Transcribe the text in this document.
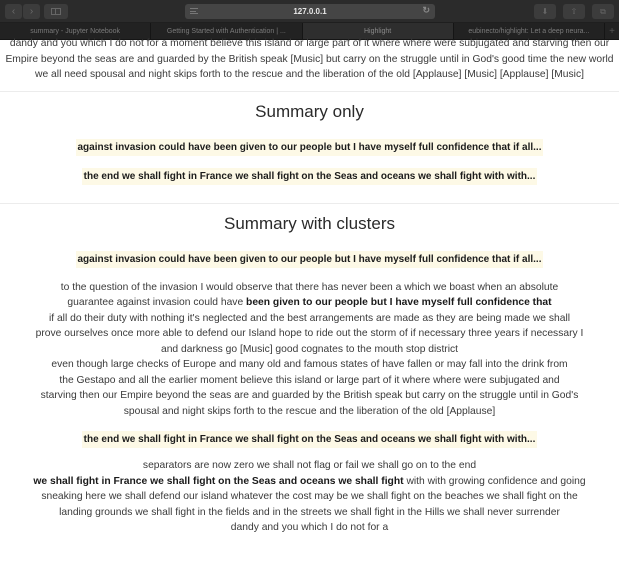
‹ ›	127.0.0.1	↻	⬇	⇧	⧉
summary - Jupyter Notebook	Getting Started with Authentication | ...	Highlight	eubinecto/highlight: Let a deep neura...	+
dandy and you which I do not for a moment believe this island or large part of it where where were subjugated and starving then our
Empire beyond the seas are and guarded by the British speak [Music] but carry on the struggle until in God's good time the new world
we all need spousal and night skips forth to the rescue and the liberation of the old [Applause] [Music] [Applause] [Music]
Summary only
against invasion could have been given to our people but I have myself full confidence that if all...
the end we shall fight in France we shall fight on the Seas and oceans we shall fight with with...
Summary with clusters
against invasion could have been given to our people but I have myself full confidence that if all...
to the question of the invasion I would observe that there has never been a which we boast when an absolute
guarantee against invasion could have been given to our people but I have myself full confidence that
if all do their duty with nothing it's neglected and the best arrangements are made as they are being made we shall
prove ourselves once more able to defend our Island hope to ride out the storm of if necessary three years if necessary I
and darkness go [Music] good cognates to the mouth stop district
even though large checks of Europe and many old and famous states of have fallen or may fall into the drink from
the Gestapo and all the earlier moment believe this island or large part of it where where were subjugated and
starving then our Empire beyond the seas are and guarded by the British speak but carry on the struggle until in God's
spousal and night skips forth to the rescue and the liberation of the old [Applause]
the end we shall fight in France we shall fight on the Seas and oceans we shall fight with with...
separators are now zero we shall not flag or fail we shall go on to the end
we shall fight in France we shall fight on the Seas and oceans we shall fight with with growing confidence and going
sneaking here we shall defend our island whatever the cost may be we shall fight on the beaches we shall fight on the
landing grounds we shall fight in the fields and in the streets we shall fight in the Hills we shall never surrender
dandy and you which I do not for a
